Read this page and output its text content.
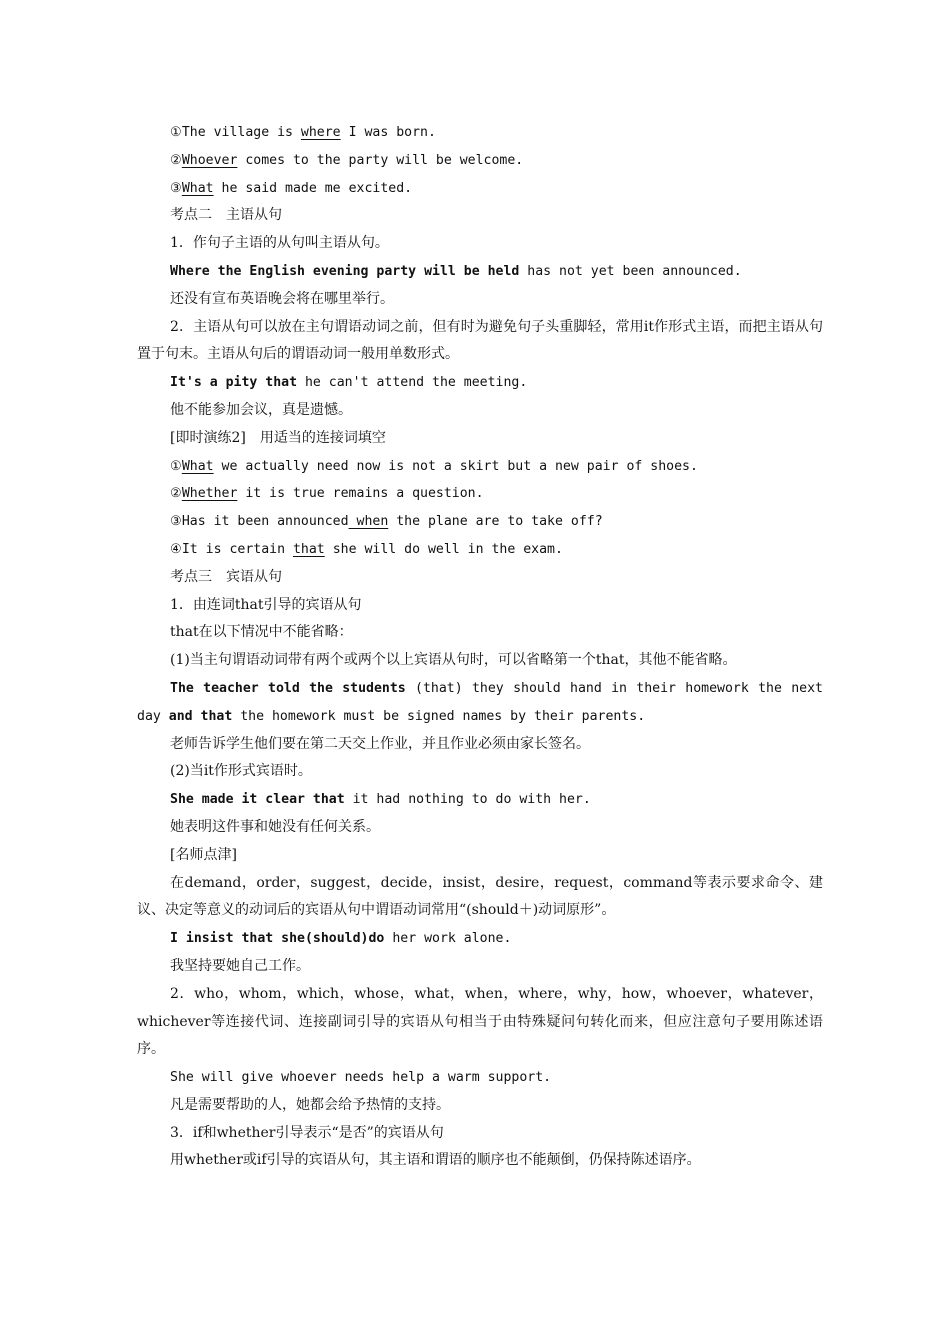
①The village is where I was born.

②Whoever comes to the party will be welcome.

③What he said made me excited.

考点二 主语从句

1．作句子主语的从句叫主语从句。

Where the English evening party will be held has not yet been announced.

还没有宣布英语晚会将在哪里举行。

2．主语从句可以放在主句谓语动词之前，但有时为避免句子头重脚轻，常用it作形式主语，而把主语从句置于句末。主语从句后的谓语动词一般用单数形式。

It's a pity that he can't attend the meeting.

他不能参加会议，真是遗憾。

[即时演练2] 用适当的连接词填空

①What we actually need now is not a skirt but a new pair of shoes.

②Whether it is true remains a question.

③Has it been announced when the plane are to take off?

④It is certain that she will do well in the exam.

考点三 宾语从句

1．由连词that引导的宾语从句

that在以下情况中不能省略：

(1)当主句谓语动词带有两个或两个以上宾语从句时，可以省略第一个that，其他不能省略。

The teacher told the students (that) they should hand in their homework the next day and that the homework must be signed names by their parents.

老师告诉学生他们要在第二天交上作业，并且作业必须由家长签名。

(2)当it作形式宾语时。

She made it clear that it had nothing to do with her.

她表明这件事和她没有任何关系。

[名师点津]

在demand，order，suggest，decide，insist，desire，request，command等表示要求命令、建议、决定等意义的动词后的宾语从句中谓语动词常用“(should＋)动词原形”。

I insist that she(should)do her work alone.

我坚持要她自己工作。

2．who，whom，which，whose，what，when，where，why，how，whoever，whatever，whichever等连接代词、连接副词引导的宾语从句相当于由特殊疑问句转化而来，但应注意句子要用陈述语序。

She will give whoever needs help a warm support.

凡是需要帮助的人，她都会给予热情的支持。

3．if和whether引导表示“是否”的宾语从句

用whether或if引导的宾语从句，其主语和谓语的顺序也不能颠倒，仍保持陈述语序。
